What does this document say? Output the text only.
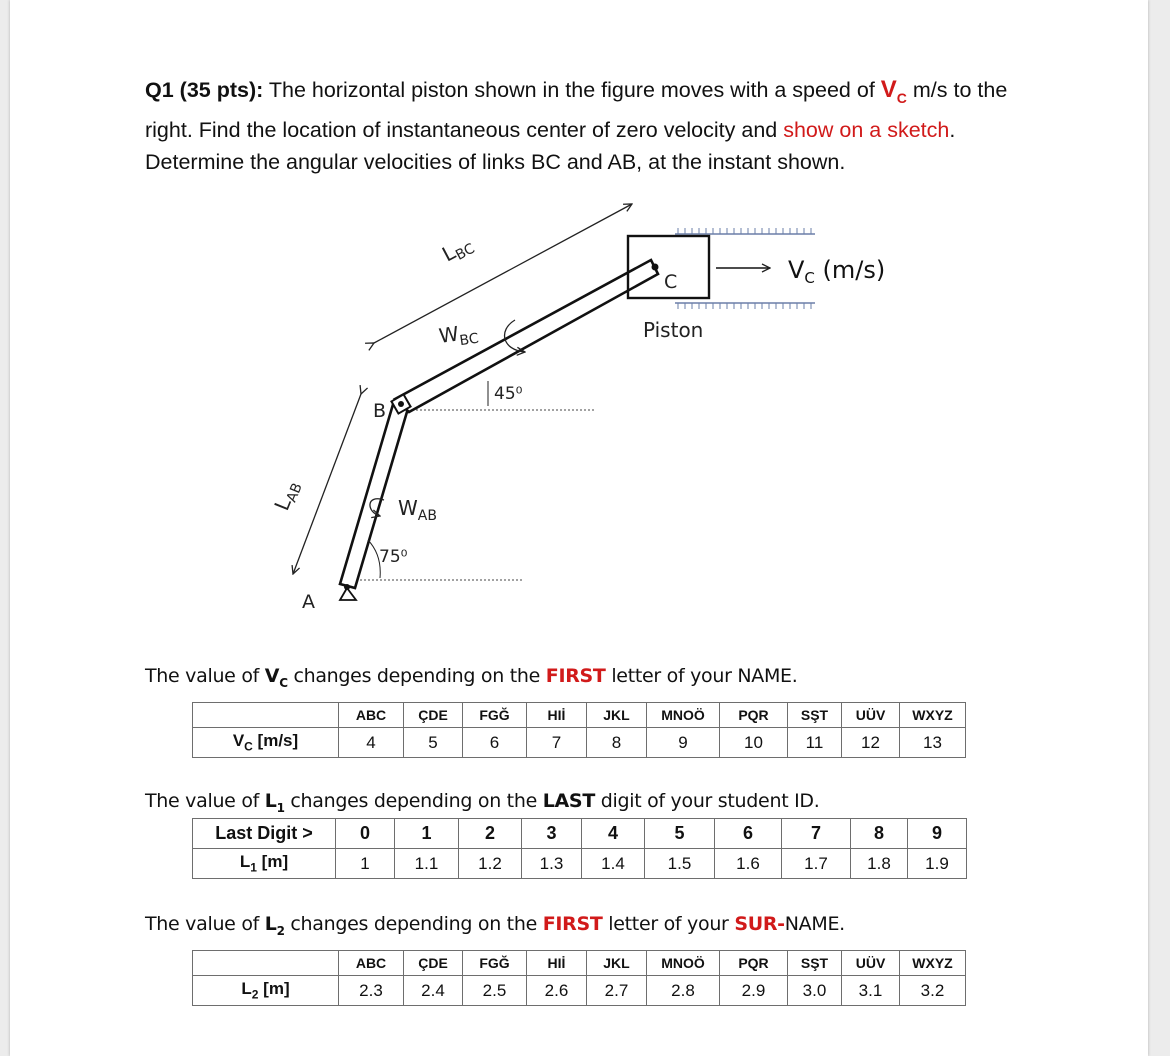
Q1 (35 pts): The horizontal piston shown in the figure moves with a speed of $V_C$ m/s to the right. Find the location of instantaneous center of zero velocity and show on a sketch. Determine the angular velocities of links BC and AB, at the instant shown.
$L_{BC}$
$L_{AB}$
C
Piston
$V_C$ (m/s)
B
A
$W_{BC}$
45⁰
$W_{AB}$
75⁰
The value of $V_C$ changes depending on the FIRST letter of your NAME.
	ABC	ÇDE	FGĞ	HIİ	JKL	MNOÖ	PQR	SŞT	UÜV	WXYZ
$V_C$ [m/s]	4	5	6	7	8	9	10	11	12	13
The value of $L_1$ changes depending on the LAST digit of your student ID.
Last Digit >	0	1	2	3	4	5	6	7	8	9
$L_1$ [m]	1	1.1	1.2	1.3	1.4	1.5	1.6	1.7	1.8	1.9
The value of $L_2$ changes depending on the FIRST letter of your SUR-NAME.
	ABC	ÇDE	FGĞ	HIİ	JKL	MNOÖ	PQR	SŞT	UÜV	WXYZ
$L_2$ [m]	2.3	2.4	2.5	2.6	2.7	2.8	2.9	3.0	3.1	3.2
